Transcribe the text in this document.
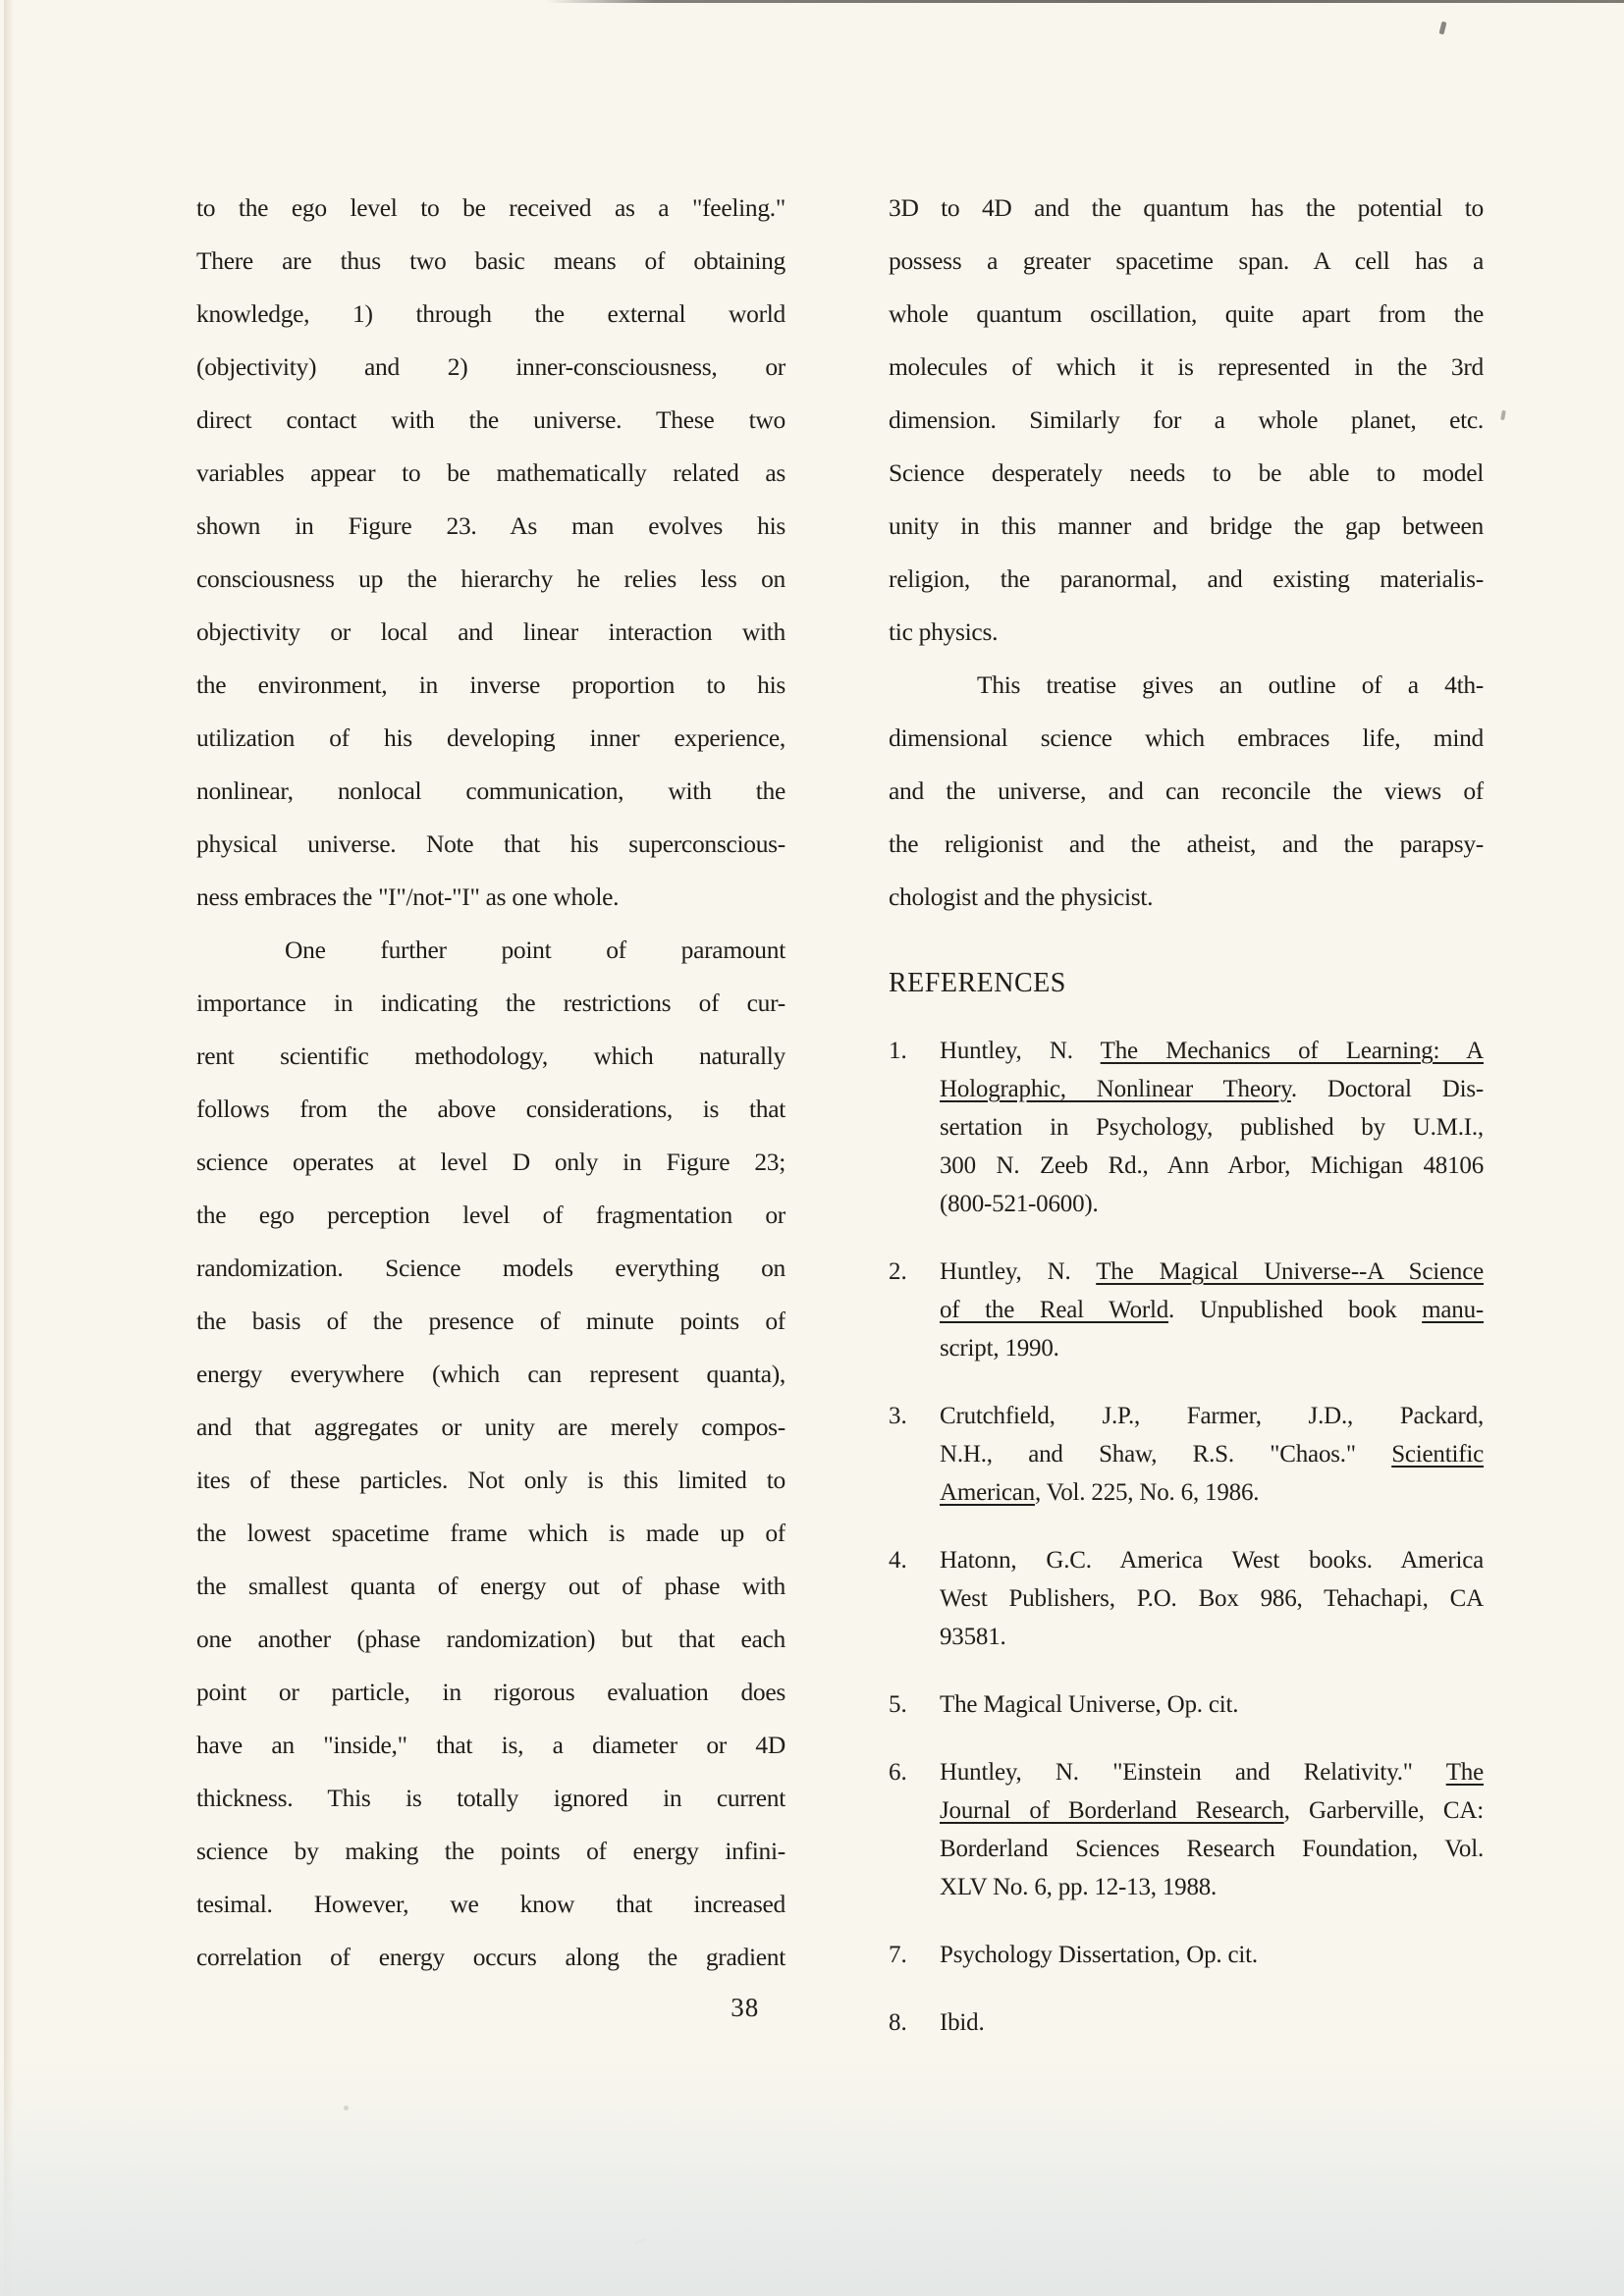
to the ego level to be received as a "feeling."
There are thus two basic means of obtaining
knowledge, 1) through the external world
(objectivity) and 2) inner-consciousness, or
direct contact with the universe. These two
variables appear to be mathematically related as
shown in Figure 23. As man evolves his
consciousness up the hierarchy he relies less on
objectivity or local and linear interaction with
the environment, in inverse proportion to his
utilization of his developing inner experience,
nonlinear, nonlocal communication, with the
physical universe. Note that his superconscious-
ness embraces the "I"/not-"I" as one whole.
One further point of paramount
importance in indicating the restrictions of cur-
rent scientific methodology, which naturally
follows from the above considerations, is that
science operates at level D only in Figure 23;
the ego perception level of fragmentation or
randomization. Science models everything on
the basis of the presence of minute points of
energy everywhere (which can represent quanta),
and that aggregates or unity are merely compos-
ites of these particles. Not only is this limited to
the lowest spacetime frame which is made up of
the smallest quanta of energy out of phase with
one another (phase randomization) but that each
point or particle, in rigorous evaluation does
have an "inside," that is, a diameter or 4D
thickness. This is totally ignored in current
science by making the points of energy infini-
tesimal. However, we know that increased
correlation of energy occurs along the gradient
3D to 4D and the quantum has the potential to
possess a greater spacetime span. A cell has a
whole quantum oscillation, quite apart from the
molecules of which it is represented in the 3rd
dimension. Similarly for a whole planet, etc.
Science desperately needs to be able to model
unity in this manner and bridge the gap between
religion, the paranormal, and existing materialis-
tic physics.
This treatise gives an outline of a 4th-
dimensional science which embraces life, mind
and the universe, and can reconcile the views of
the religionist and the atheist, and the parapsy-
chologist and the physicist.
REFERENCES
1. Huntley, N. The Mechanics of Learning: A
Holographic, Nonlinear Theory. Doctoral Dis-
sertation in Psychology, published by U.M.I.,
300 N. Zeeb Rd., Ann Arbor, Michigan 48106
(800-521-0600).
2. Huntley, N. The Magical Universe--A Science
of the Real World. Unpublished book manu-
script, 1990.
3. Crutchfield, J.P., Farmer, J.D., Packard,
N.H., and Shaw, R.S. "Chaos." Scientific
American, Vol. 225, No. 6, 1986.
4. Hatonn, G.C. America West books. America
West Publishers, P.O. Box 986, Tehachapi, CA
93581.
5. The Magical Universe, Op. cit.
6. Huntley, N. "Einstein and Relativity." The
Journal of Borderland Research, Garberville, CA:
Borderland Sciences Research Foundation, Vol.
XLV No. 6, pp. 12-13, 1988.
7. Psychology Dissertation, Op. cit.
8. Ibid.
38
